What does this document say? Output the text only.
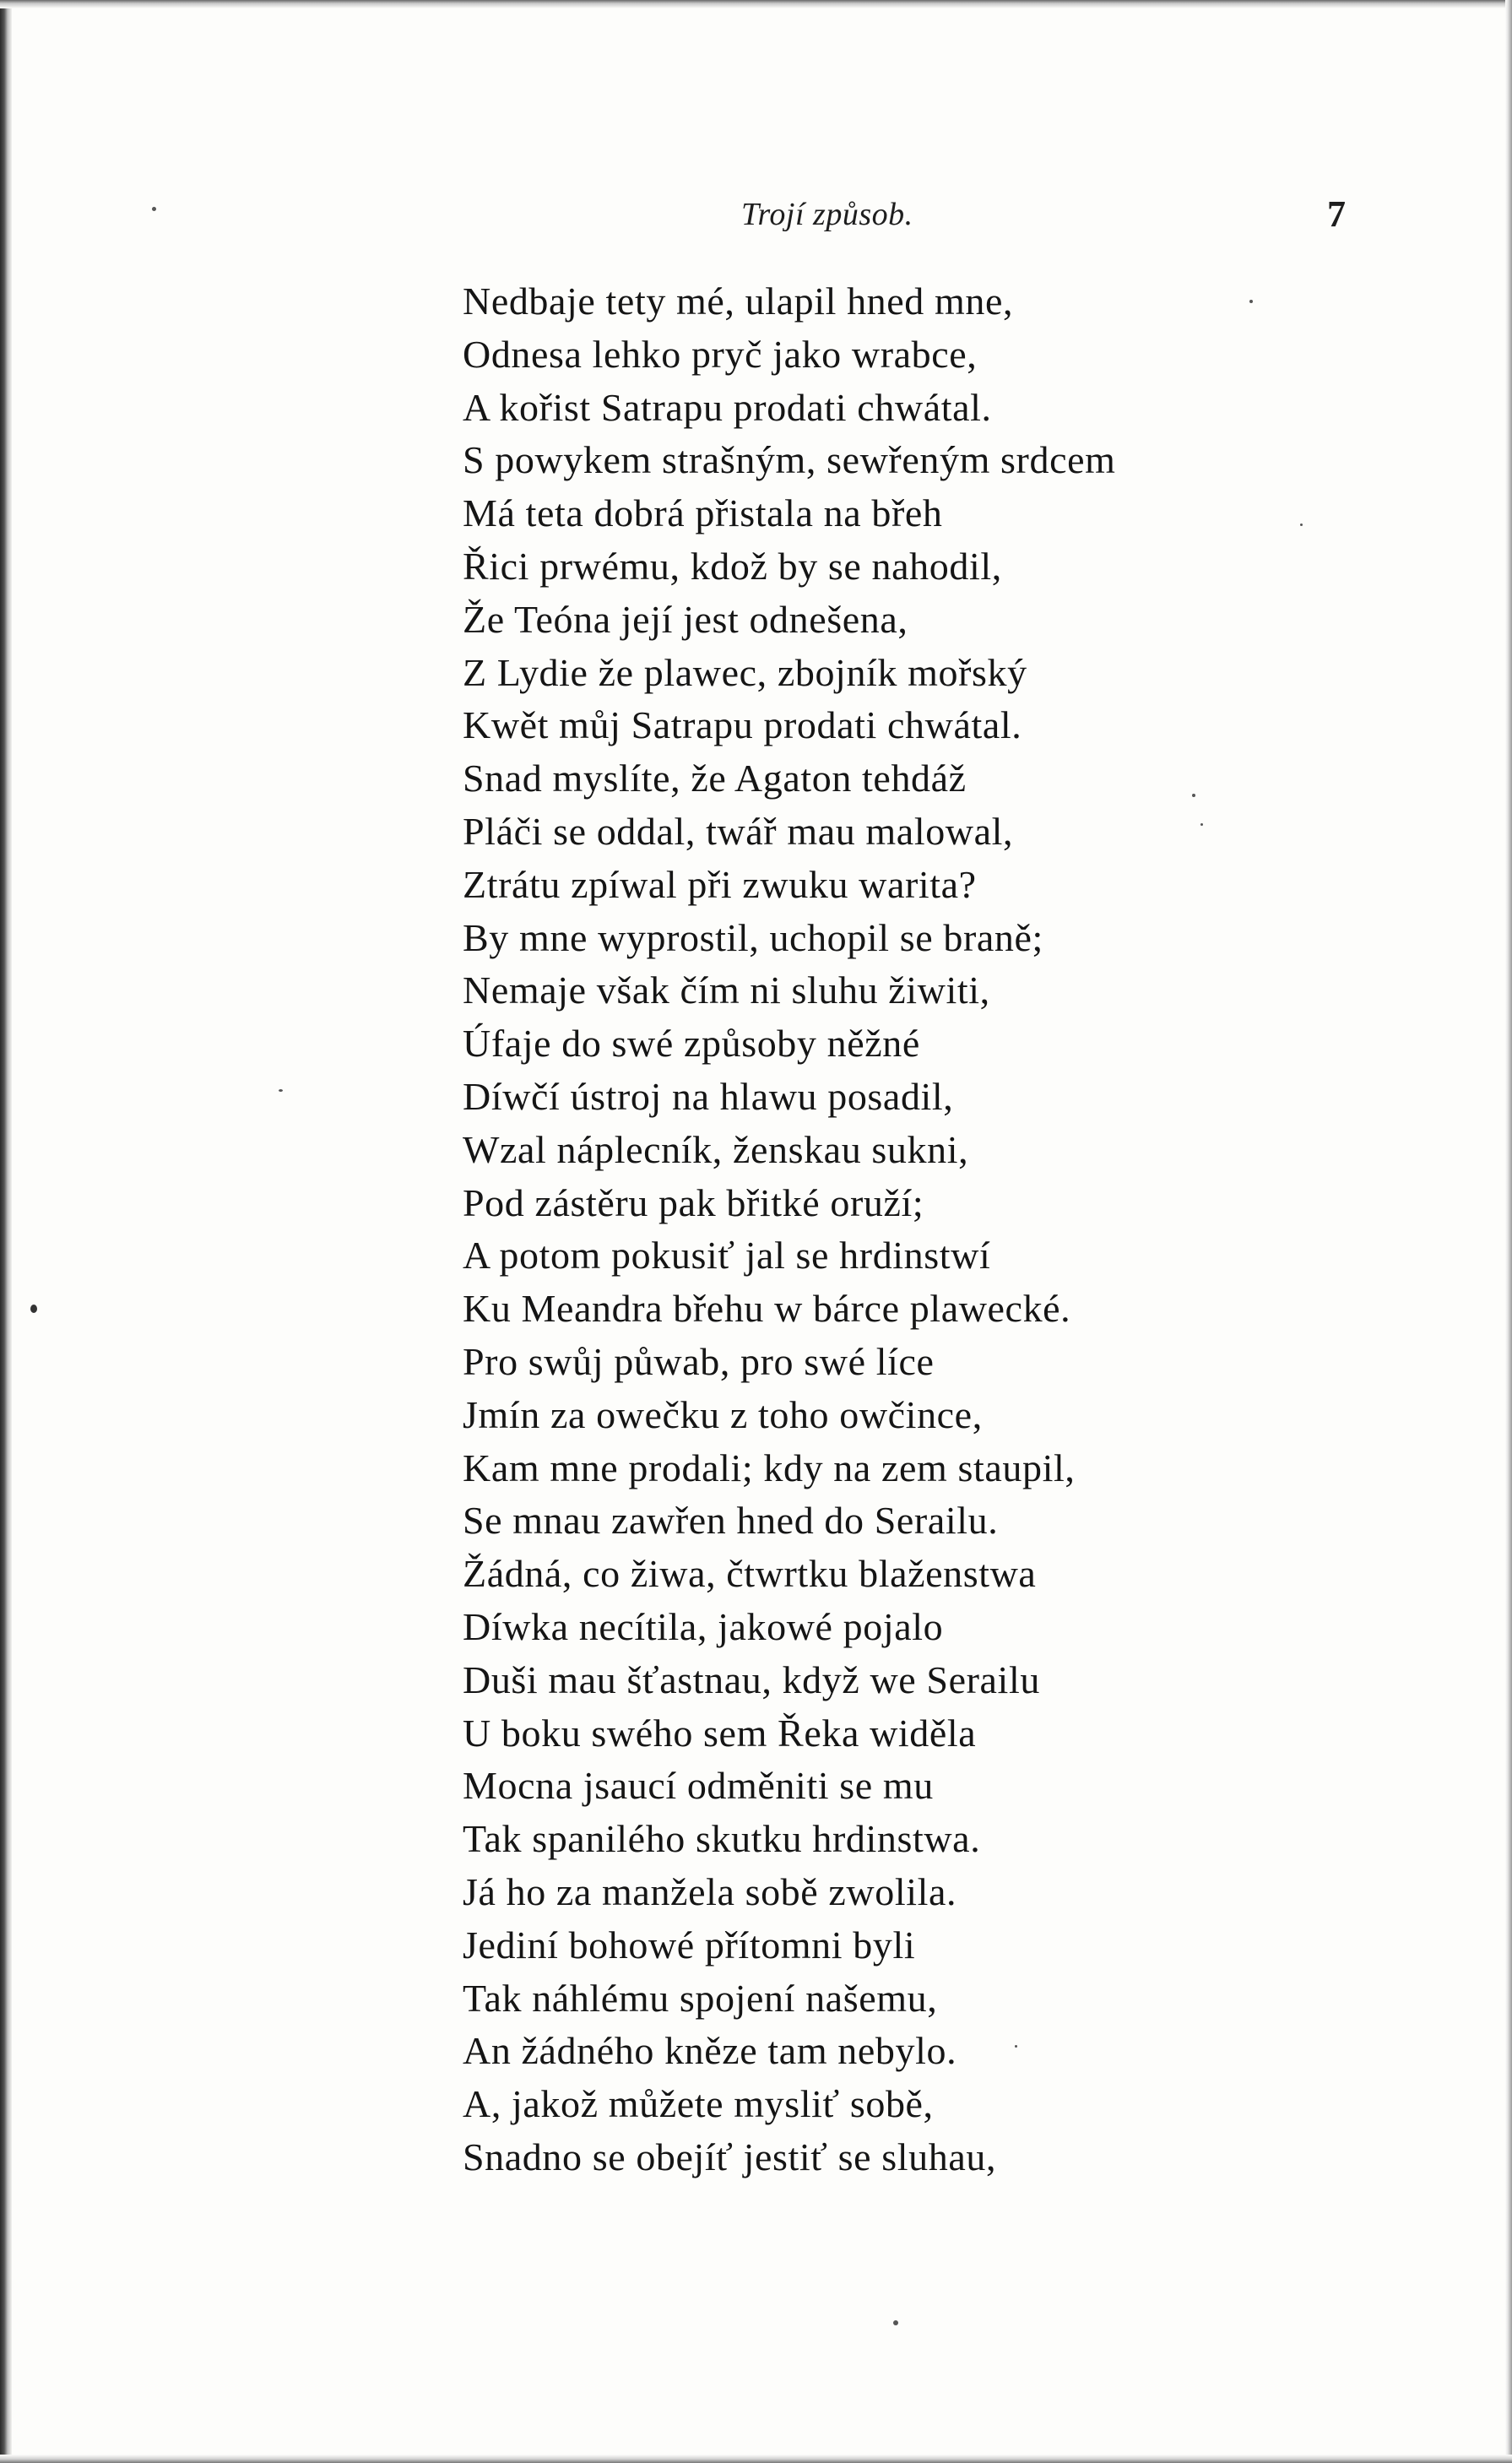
Trojí způsob.	7
Nedbaje tety mé, ulapil hned mne,
Odnesa lehko pryč jako wrabce,
A kořist Satrapu prodati chwátal.
S powykem strašným, sewřeným srdcem
Má teta dobrá přistala na břeh
Řici prwému, kdož by se nahodil,
Že Teóna její jest odnešena,
Z Lydie že plawec, zbojník mořský
Kwět můj Satrapu prodati chwátal.
Snad myslíte, že Agaton tehdáž
Pláči se oddal, twář mau malowal,
Ztrátu zpíwal při zwuku warita?
By mne wyprostil, uchopil se braně;
Nemaje však čím ni sluhu žiwiti,
Úfaje do swé způsoby něžné
Díwčí ústroj na hlawu posadil,
Wzal náplecník, ženskau sukni,
Pod zástěru pak břitké oruží;
A potom pokusiť jal se hrdinstwí
Ku Meandra břehu w bárce plawecké.
Pro swůj půwab, pro swé líce
Jmín za owečku z toho owčince,
Kam mne prodali; kdy na zem staupil,
Se mnau zawřen hned do Serailu.
Žádná, co žiwa, čtwrtku blaženstwa
Díwka necítila, jakowé pojalo
Duši mau šťastnau, když we Serailu
U boku swého sem Řeka widěla
Mocna jsaucí odměniti se mu
Tak spanilého skutku hrdinstwa.
Já ho za manžela sobě zwolila.
Jediní bohowé přítomni byli
Tak náhlému spojení našemu,
An žádného kněze tam nebylo.
A, jakož můžete mysliť sobě,
Snadno se obejíť jestiť se sluhau,
